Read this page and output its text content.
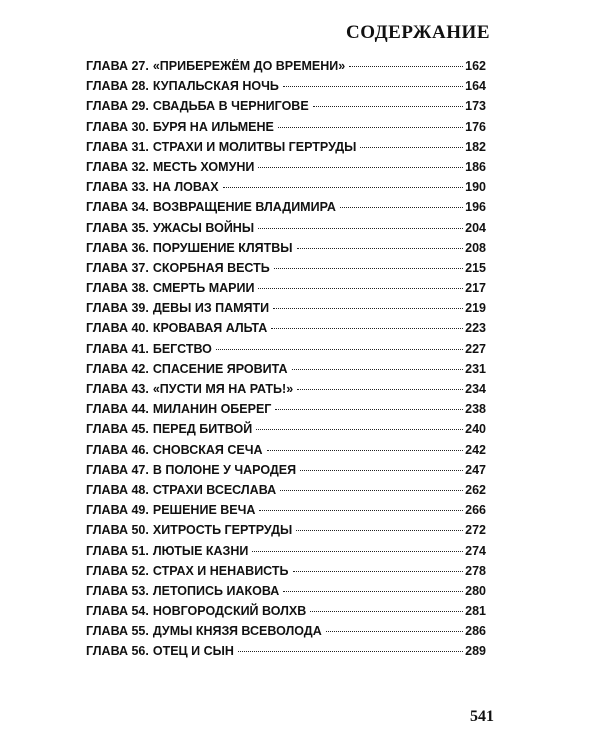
СОДЕРЖАНИЕ
ГЛАВА 27. «ПРИБЕРЕЖЁМ ДО ВРЕМЕНИ»	162
ГЛАВА 28. КУПАЛЬСКАЯ НОЧЬ	164
ГЛАВА 29. СВАДЬБА В ЧЕРНИГОВЕ	173
ГЛАВА 30. БУРЯ НА ИЛЬМЕНЕ	176
ГЛАВА 31. СТРАХИ И МОЛИТВЫ ГЕРТРУДЫ	182
ГЛАВА 32. МЕСТЬ ХОМУНИ	186
ГЛАВА 33. НА ЛОВАХ	190
ГЛАВА 34. ВОЗВРАЩЕНИЕ ВЛАДИМИРА	196
ГЛАВА 35. УЖАСЫ ВОЙНЫ	204
ГЛАВА 36. ПОРУШЕНИЕ КЛЯТВЫ	208
ГЛАВА 37. СКОРБНАЯ ВЕСТЬ	215
ГЛАВА 38. СМЕРТЬ МАРИИ	217
ГЛАВА 39. ДЕВЫ ИЗ ПАМЯТИ	219
ГЛАВА 40. КРОВАВАЯ АЛЬТА	223
ГЛАВА 41. БЕГСТВО	227
ГЛАВА 42. СПАСЕНИЕ ЯРОВИТА	231
ГЛАВА 43. «ПУСТИ МЯ НА РАТЬ!»	234
ГЛАВА 44. МИЛАНИН ОБЕРЕГ	238
ГЛАВА 45. ПЕРЕД БИТВОЙ	240
ГЛАВА 46. СНОВСКАЯ СЕЧА	242
ГЛАВА 47. В ПОЛОНЕ У ЧАРОДЕЯ	247
ГЛАВА 48. СТРАХИ ВСЕСЛАВА	262
ГЛАВА 49. РЕШЕНИЕ ВЕЧА	266
ГЛАВА 50. ХИТРОСТЬ ГЕРТРУДЫ	272
ГЛАВА 51. ЛЮТЫЕ КАЗНИ	274
ГЛАВА 52. СТРАХ И НЕНАВИСТЬ	278
ГЛАВА 53. ЛЕТОПИСЬ ИАКОВА	280
ГЛАВА 54. НОВГОРОДСКИЙ ВОЛХВ	281
ГЛАВА 55. ДУМЫ КНЯЗЯ ВСЕВОЛОДА	286
ГЛАВА 56. ОТЕЦ И СЫН	289
541
